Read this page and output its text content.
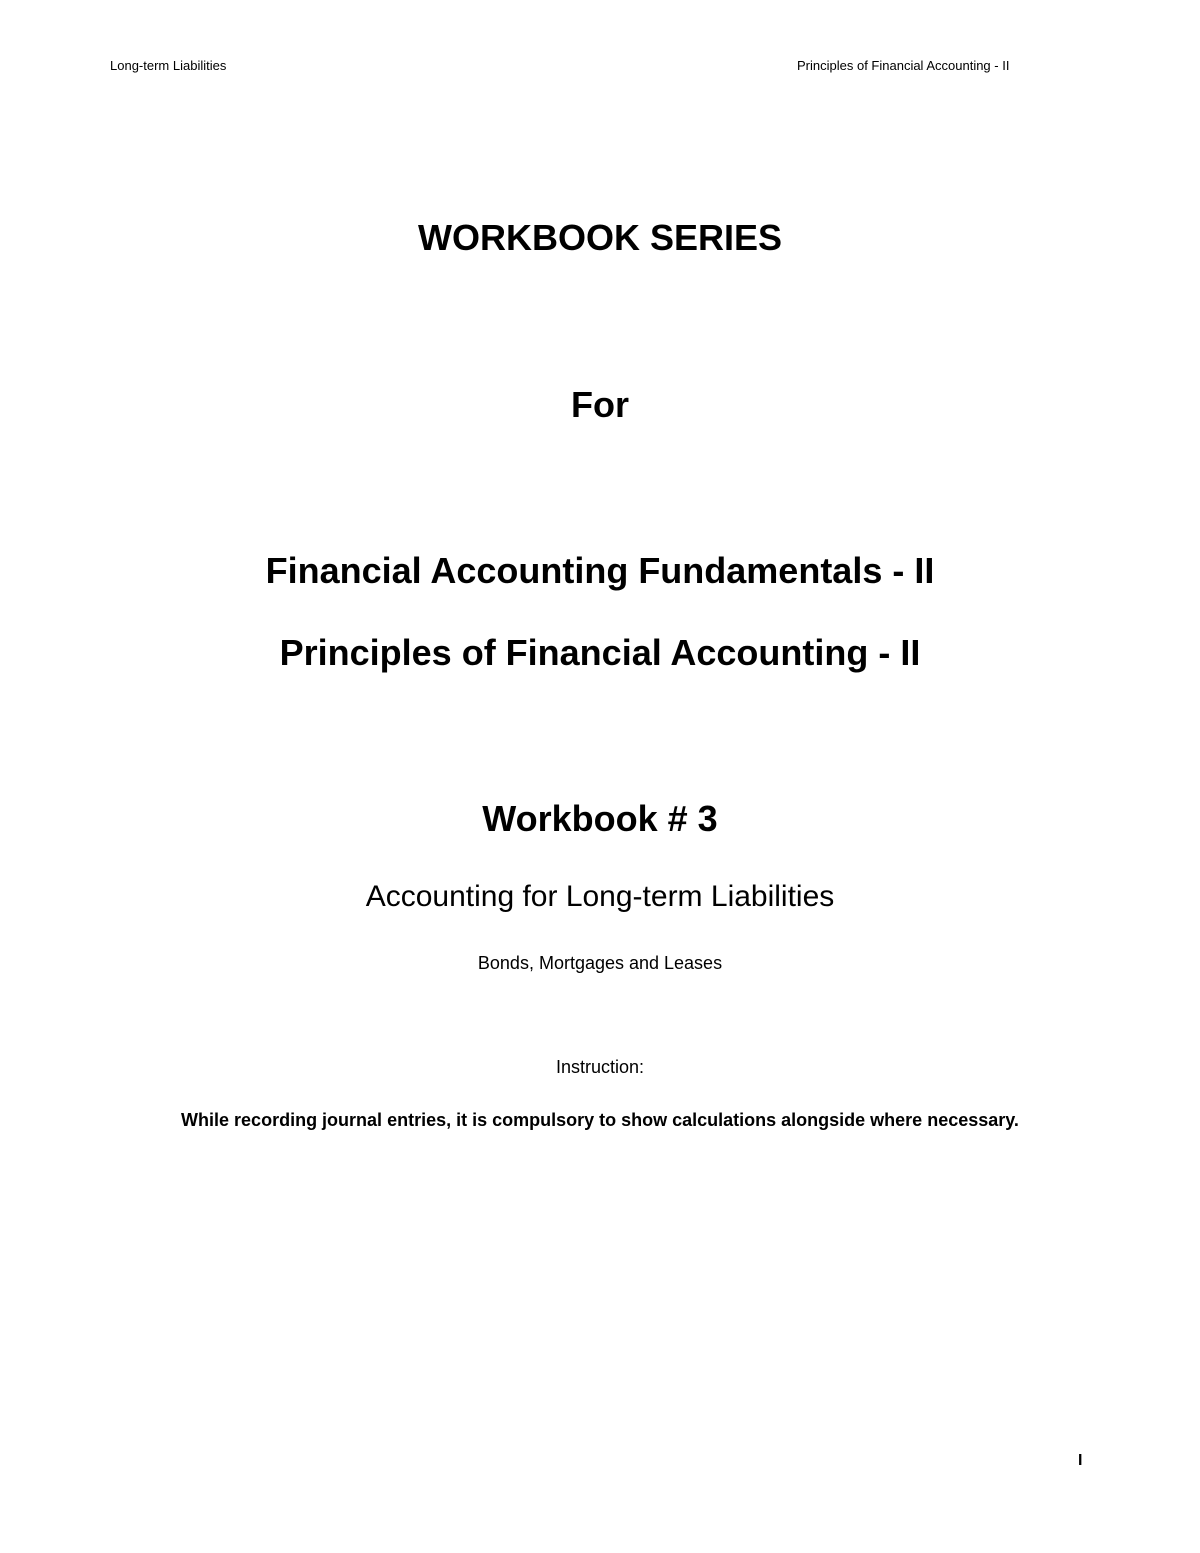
Long-term Liabilities	Principles of Financial Accounting - II
WORKBOOK SERIES
For
Financial Accounting Fundamentals - II
Principles of Financial Accounting - II
Workbook # 3
Accounting for Long-term Liabilities
Bonds, Mortgages and Leases
Instruction:
While recording journal entries, it is compulsory to show calculations alongside where necessary.
I
